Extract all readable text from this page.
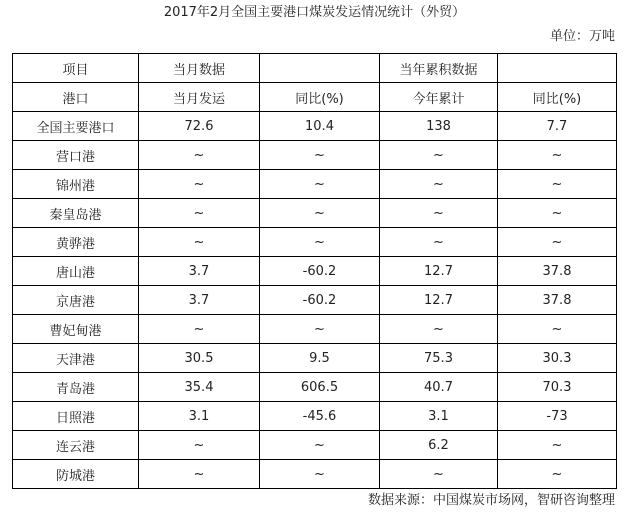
2017年2月全国主要港口煤炭发运情况统计（外贸）
单位：万吨
项目	当月数据		当年累积数据	
港口	当月发运	同比(%)	今年累计	同比(%)
全国主要港口	72.6	10.4	138	7.7
营口港	~	~	~	~
锦州港	~	~	~	~
秦皇岛港	~	~	~	~
黄骅港	~	~	~	~
唐山港	3.7	-60.2	12.7	37.8
京唐港	3.7	-60.2	12.7	37.8
曹妃甸港	~	~	~	~
天津港	30.5	9.5	75.3	30.3
青岛港	35.4	606.5	40.7	70.3
日照港	3.1	-45.6	3.1	-73
连云港	~	~	6.2	~
防城港	~	~	~	~
数据来源：中国煤炭市场网，智研咨询整理
